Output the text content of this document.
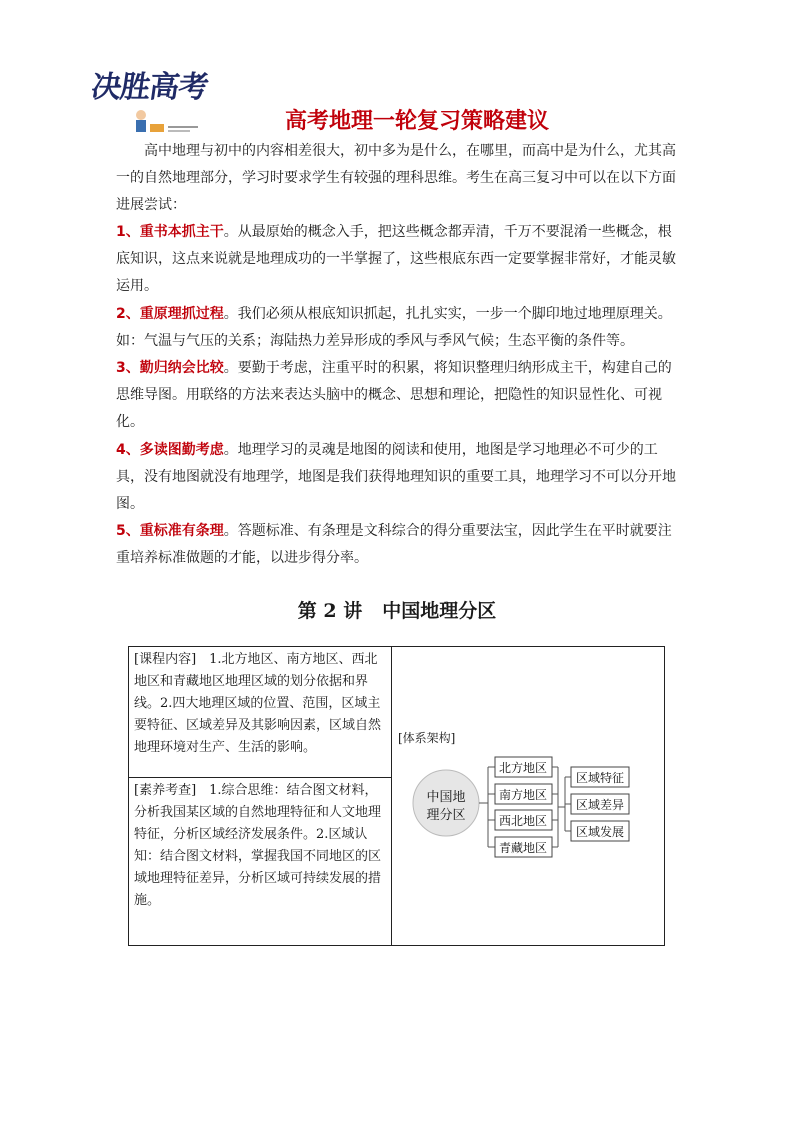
决胜高考
高考地理一轮复习策略建议
高中地理与初中的内容相差很大，初中多为是什么，在哪里，而高中是为什么，尤其高一的自然地理部分，学习时要求学生有较强的理科思维。考生在高三复习中可以在以下方面进展尝试：

1、重书本抓主干。从最原始的概念入手，把这些概念都弄清，千万不要混淆一些概念，根底知识，这点来说就是地理成功的一半掌握了，这些根底东西一定要掌握非常好，才能灵敏运用。

2、重原理抓过程。我们必须从根底知识抓起，扎扎实实，一步一个脚印地过地理原理关。如：气温与气压的关系；海陆热力差异形成的季风与季风气候；生态平衡的条件等。

3、勤归纳会比较。要勤于考虑，注重平时的积累，将知识整理归纳形成主干，构建自己的思维导图。用联络的方法来表达头脑中的概念、思想和理论，把隐性的知识显性化、可视化。

4、多读图勤考虑。地理学习的灵魂是地图的阅读和使用，地图是学习地理必不可少的工具，没有地图就没有地理学，地图是我们获得地理知识的重要工具，地理学习不可以分开地图。

5、重标准有条理。答题标准、有条理是文科综合的得分重要法宝，因此学生在平时就要注重培养标准做题的才能，以进步得分率。

第 2 讲 中国地理分区
[课程内容]　1.北方地区、南方地区、西北地区和青藏地区地理区域的划分依据和界线。2.四大地理区域的位置、范围，区域主要特征、区域差异及其影响因素，区域自然地理环境对生产、生活的影响。
[素养考查]　1.综合思维：结合图文材料，分析我国某区域的自然地理特征和人文地理特征，分析区域经济发展条件。2.区域认知：结合图文材料，掌握我国不同地区的区域地理特征差异，分析区域可持续发展的措施。
[体系架构]
中国地
理分区
北方地区
南方地区
西北地区
青藏地区
区域特征
区域差异
区域发展
